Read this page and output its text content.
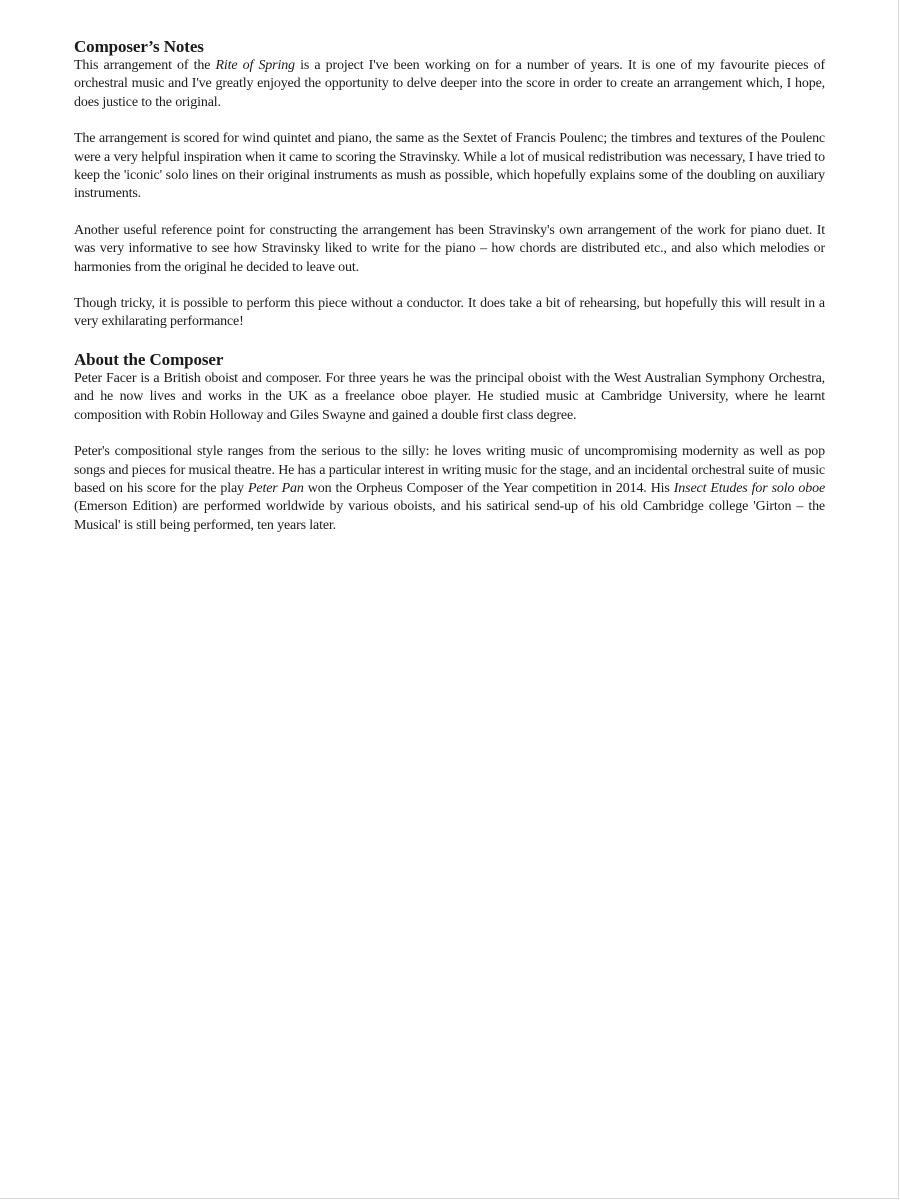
Composer’s Notes

This arrangement of the Rite of Spring is a project I've been working on for a number of years. It is one of my favourite pieces of orchestral music and I've greatly enjoyed the opportunity to delve deeper into the score in order to create an arrangement which, I hope, does justice to the original.

The arrangement is scored for wind quintet and piano, the same as the Sextet of Francis Poulenc; the timbres and textures of the Poulenc were a very helpful inspiration when it came to scoring the Stravinsky. While a lot of musical redistribution was necessary, I have tried to keep the 'iconic' solo lines on their original instruments as mush as possible, which hopefully explains some of the doubling on auxiliary instruments.

Another useful reference point for constructing the arrangement has been Stravinsky's own arrangement of the work for piano duet. It was very informative to see how Stravinsky liked to write for the piano – how chords are distributed etc., and also which melodies or harmonies from the original he decided to leave out.

Though tricky, it is possible to perform this piece without a conductor. It does take a bit of rehearsing, but hopefully this will result in a very exhilarating performance!

About the Composer

Peter Facer is a British oboist and composer. For three years he was the principal oboist with the West Australian Symphony Orchestra, and he now lives and works in the UK as a freelance oboe player. He studied music at Cambridge University, where he learnt composition with Robin Holloway and Giles Swayne and gained a double first class degree.

Peter's compositional style ranges from the serious to the silly: he loves writing music of uncompromising modernity as well as pop songs and pieces for musical theatre. He has a particular interest in writing music for the stage, and an incidental orchestral suite of music based on his score for the play Peter Pan won the Orpheus Composer of the Year competition in 2014. His Insect Etudes for solo oboe (Emerson Edition) are performed worldwide by various oboists, and his satirical send-up of his old Cambridge college 'Girton – the Musical' is still being performed, ten years later.
